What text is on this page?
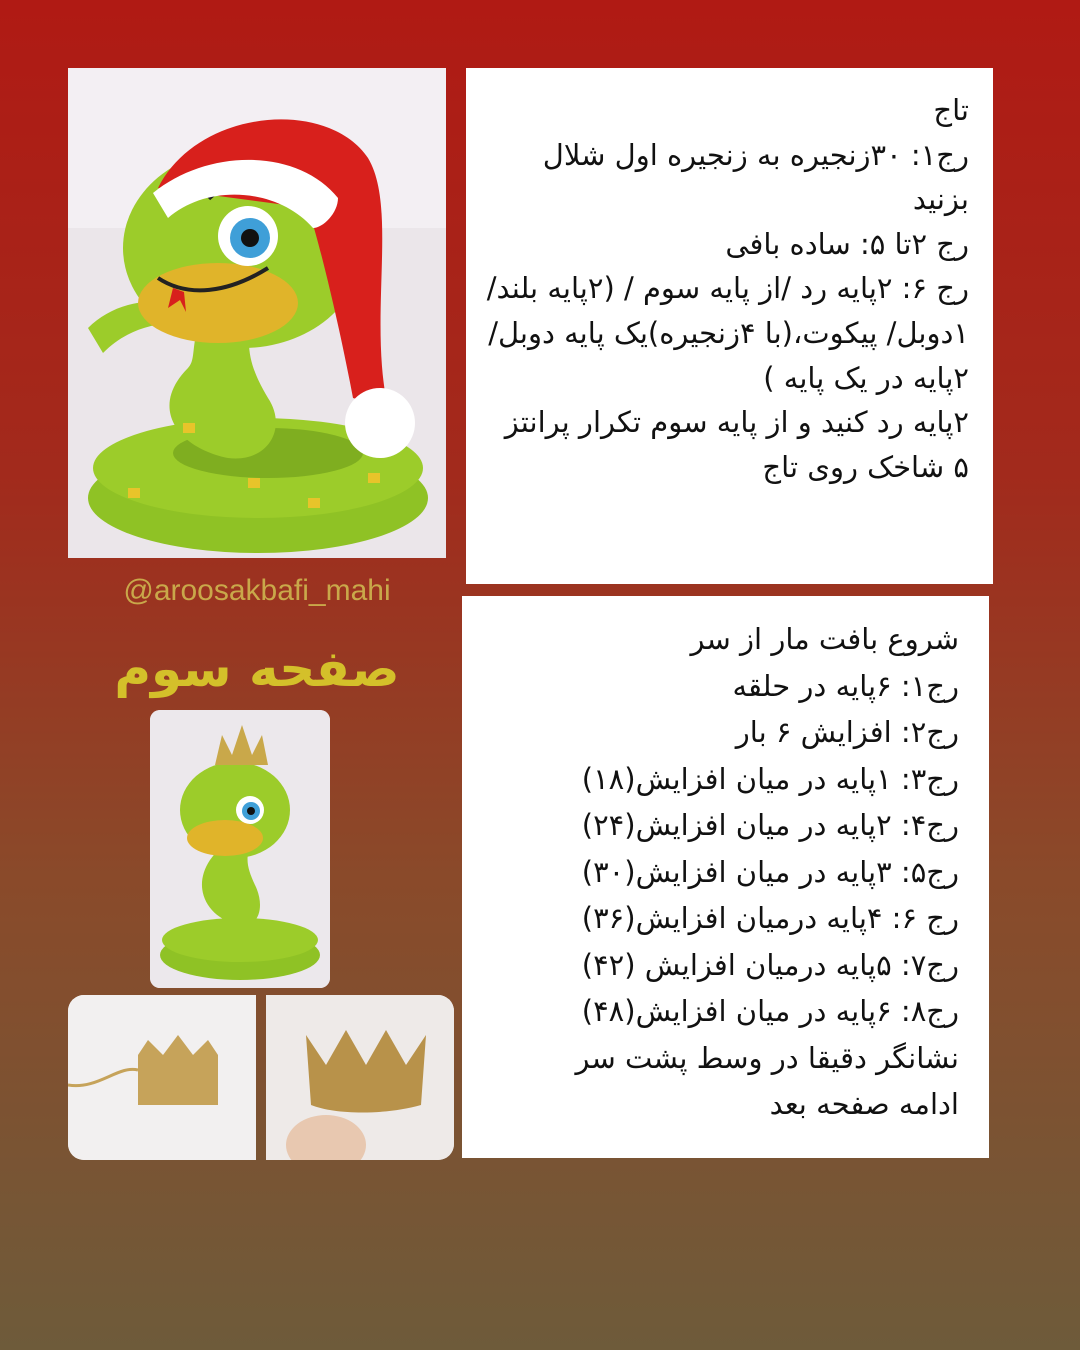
@aroosakbafi_mahi
صفحه سوم
تاج
رج۱: ۳۰زنجیره به زنجیره اول شلال بزنید
رج ۲تا ۵: ساده بافی
رج ۶: ۲پایه رد /از پایه سوم / (۲پایه بلند/۱دوبل/ پیکوت،(با ۴زنجیره)یک پایه دوبل/ ۲پایه در یک پایه )
۲پایه رد کنید و از پایه سوم تکرار پرانتز
۵ شاخک روی تاج
شروع بافت مار از سر
رج۱: ۶پایه در حلقه
رج۲: افزایش ۶ بار
رج۳: ۱پایه در میان افزایش(۱۸)
رج۴: ۲پایه در میان افزایش(۲۴)
رج۵: ۳پایه در میان افزایش(۳۰)
رج ۶: ۴پایه درمیان افزایش(۳۶)
رج۷: ۵پایه درمیان افزایش (۴۲)
رج۸: ۶پایه در میان افزایش(۴۸)
نشانگر دقیقا در وسط پشت سر
ادامه صفحه بعد
